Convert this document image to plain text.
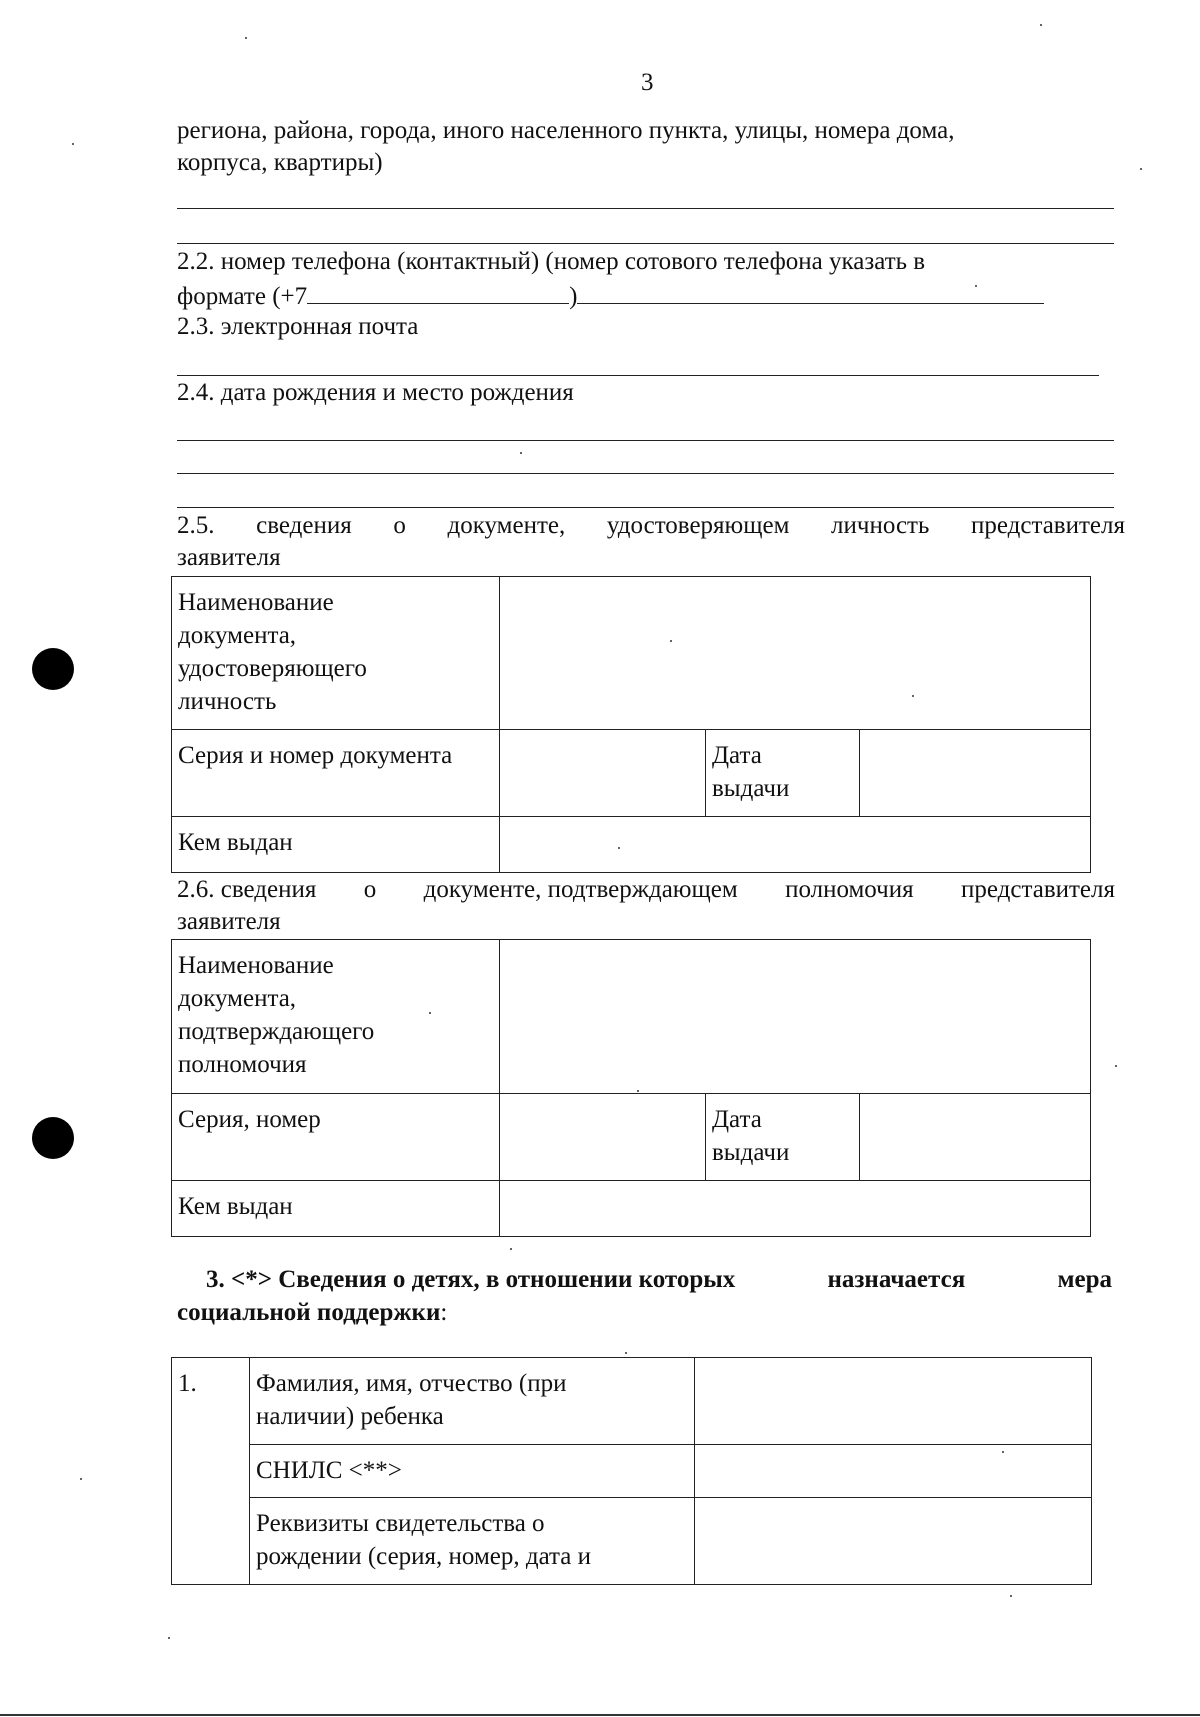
3
региона, района, города, иного населенного пункта, улицы, номера дома,
корпуса, квартиры)
2.2. номер телефона (контактный) (номер сотового телефона указать в
формате (+7	)
2.3. электронная почта
2.4. дата рождения и место рождения
2.5. сведения о документе, удостоверяющем личность представителя
заявителя
Наименование документа, удостоверяющего личность			

Серия и номер документа		Дата выдачи	

Кем выдан			

2.6. сведения о документе, подтверждающем полномочия представителя
заявителя
Наименование документа, подтверждающего полномочия			

Серия, номер		Дата выдачи	

Кем выдан			

3. <*> Сведения о детях, в отношении которых	назначается	мера
социальной поддержки:
1.	Фамилия, имя, отчество (при наличии) ребенка	

	СНИЛС <**>	

	Реквизиты свидетельства о рождении (серия, номер, дата и	
